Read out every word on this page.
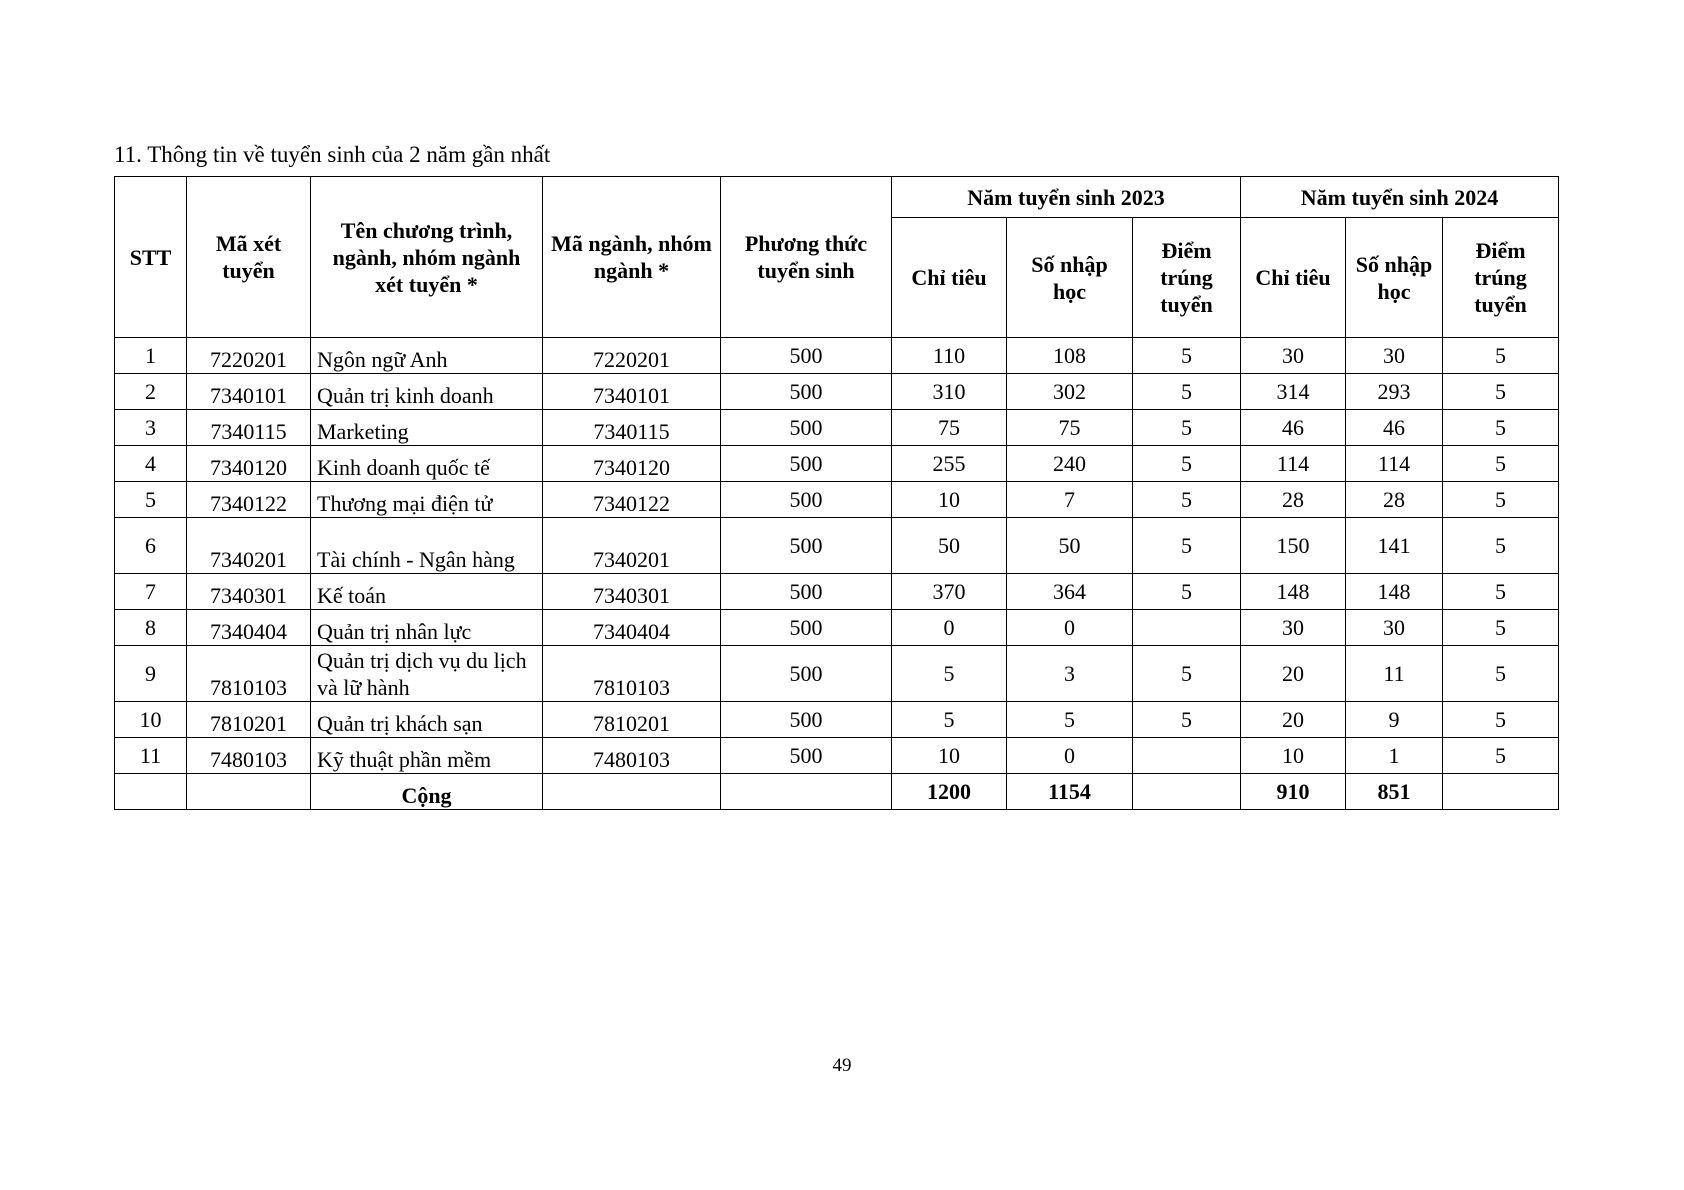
11. Thông tin về tuyển sinh của 2 năm gần nhất
STT	Mã xét tuyển	Tên chương trình, ngành, nhóm ngành xét tuyển *	Mã ngành, nhóm ngành *	Phương thức tuyển sinh	Năm tuyển sinh 2023			Năm tuyển sinh 2024		
					Chỉ tiêu	Số nhập học	Điểm trúng tuyển	Chỉ tiêu	Số nhập học	Điểm trúng tuyển
1	7220201	Ngôn ngữ Anh	7220201	500	110	108	5	30	30	5
2	7340101	Quản trị kinh doanh	7340101	500	310	302	5	314	293	5
3	7340115	Marketing	7340115	500	75	75	5	46	46	5
4	7340120	Kinh doanh quốc tế	7340120	500	255	240	5	114	114	5
5	7340122	Thương mại điện tử	7340122	500	10	7	5	28	28	5
6	7340201	Tài chính - Ngân hàng	7340201	500	50	50	5	150	141	5
7	7340301	Kế toán	7340301	500	370	364	5	148	148	5
8	7340404	Quản trị nhân lực	7340404	500	0	0		30	30	5
9	7810103	Quản trị dịch vụ du lịch và lữ hành	7810103	500	5	3	5	20	11	5
10	7810201	Quản trị khách sạn	7810201	500	5	5	5	20	9	5
11	7480103	Kỹ thuật phần mềm	7480103	500	10	0		10	1	5
		Cộng			1200	1154		910	851	
49
